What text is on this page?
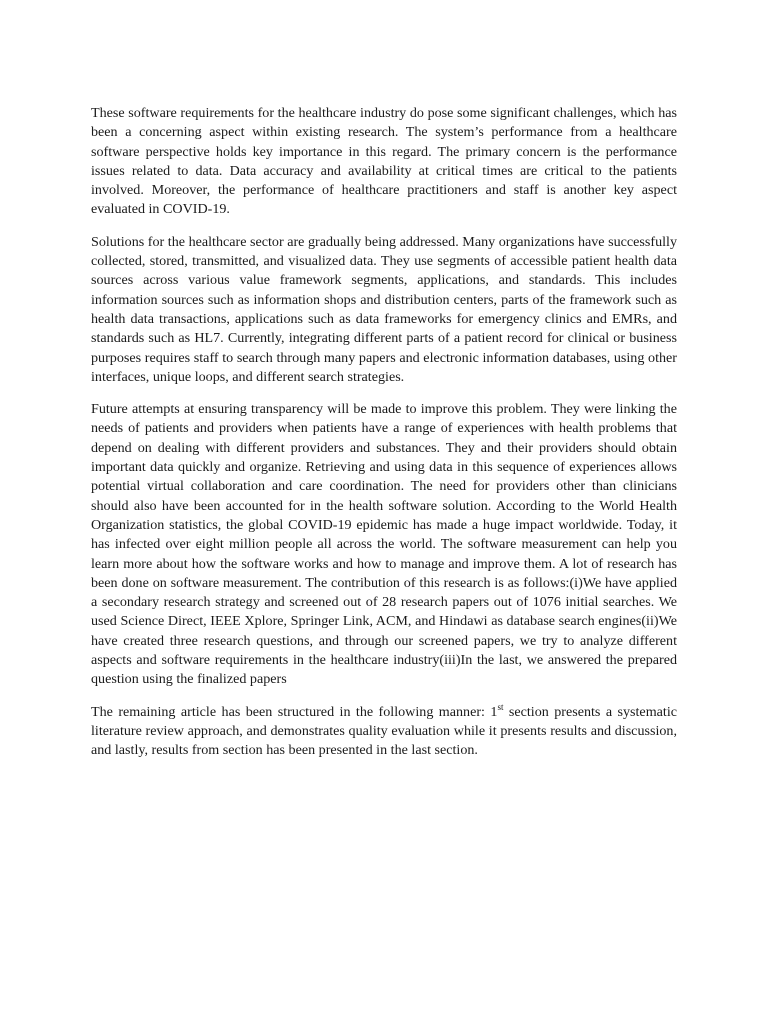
These software requirements for the healthcare industry do pose some significant challenges, which has been a concerning aspect within existing research. The system’s performance from a healthcare software perspective holds key importance in this regard. The primary concern is the performance issues related to data. Data accuracy and availability at critical times are critical to the patients involved. Moreover, the performance of healthcare practitioners and staff is another key aspect evaluated in COVID-19.

Solutions for the healthcare sector are gradually being addressed. Many organizations have successfully collected, stored, transmitted, and visualized data. They use segments of accessible patient health data sources across various value framework segments, applications, and standards. This includes information sources such as information shops and distribution centers, parts of the framework such as health data transactions, applications such as data frameworks for emergency clinics and EMRs, and standards such as HL7. Currently, integrating different parts of a patient record for clinical or business purposes requires staff to search through many papers and electronic information databases, using other interfaces, unique loops, and different search strategies.

Future attempts at ensuring transparency will be made to improve this problem. They were linking the needs of patients and providers when patients have a range of experiences with health problems that depend on dealing with different providers and substances. They and their providers should obtain important data quickly and organize. Retrieving and using data in this sequence of experiences allows potential virtual collaboration and care coordination. The need for providers other than clinicians should also have been accounted for in the health software solution. According to the World Health Organization statistics, the global COVID-19 epidemic has made a huge impact worldwide. Today, it has infected over eight million people all across the world. The software measurement can help you learn more about how the software works and how to manage and improve them. A lot of research has been done on software measurement. The contribution of this research is as follows:(i)We have applied a secondary research strategy and screened out of 28 research papers out of 1076 initial searches. We used Science Direct, IEEE Xplore, Springer Link, ACM, and Hindawi as database search engines(ii)We have created three research questions, and through our screened papers, we try to analyze different aspects and software requirements in the healthcare industry(iii)In the last, we answered the prepared question using the finalized papers

The remaining article has been structured in the following manner: 1st section presents a systematic literature review approach, and demonstrates quality evaluation while it presents results and discussion, and lastly, results from section has been presented in the last section.
